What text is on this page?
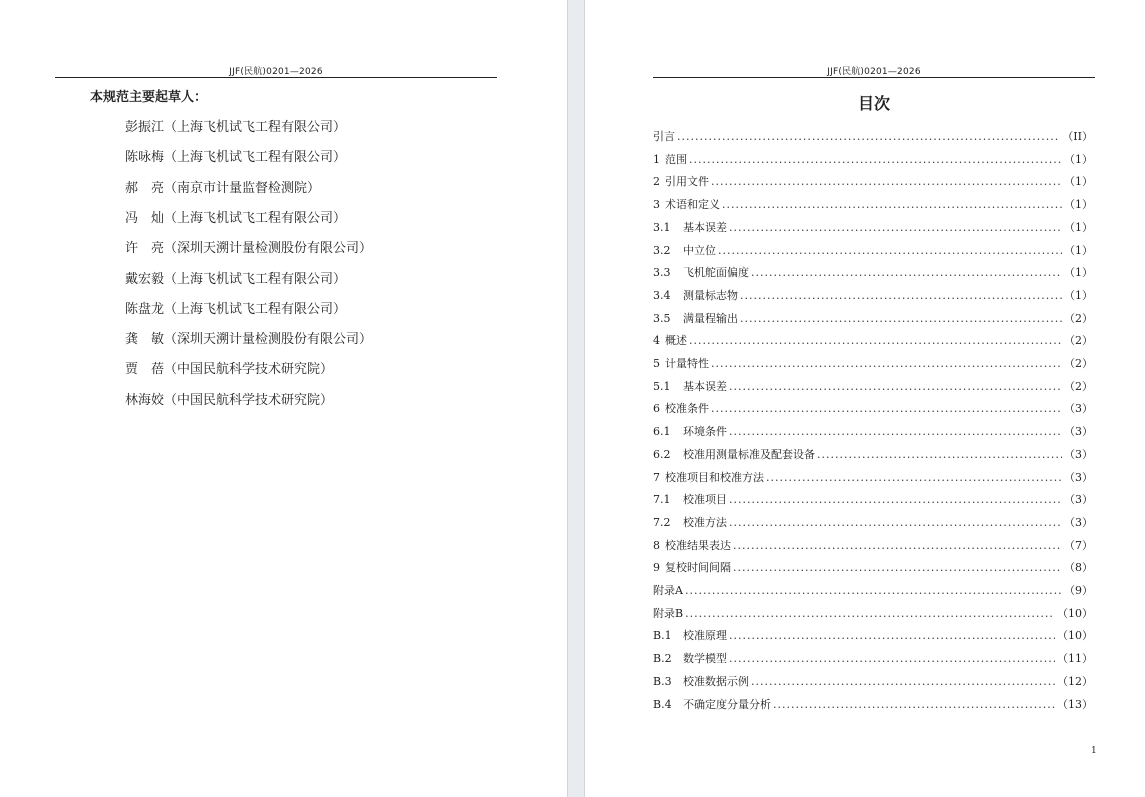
JJF(民航)0201—2026
本规范主要起草人：
彭振江（上海飞机试飞工程有限公司）
陈咏梅（上海飞机试飞工程有限公司）
郝　亮（南京市计量监督检测院）
冯　灿（上海飞机试飞工程有限公司）
许　亮（深圳天溯计量检测股份有限公司）
戴宏毅（上海飞机试飞工程有限公司）
陈盘龙（上海飞机试飞工程有限公司）
龚　敏（深圳天溯计量检测股份有限公司）
贾　蓓（中国民航科学技术研究院）
林海姣（中国民航科学技术研究院）
JJF(民航)0201—2026
目次
引言 .....	（II）
1 范围 .....	（1）
2 引用文件 .....	（1）
3 术语和定义 .....	（1）
3.1 基本误差 .....	（1）
3.2 中立位 .....	（1）
3.3 飞机舵面偏度 .....	（1）
3.4 测量标志物 .....	（1）
3.5 满量程输出 .....	（2）
4 概述 .....	（2）
5 计量特性 .....	（2）
5.1 基本误差 .....	（2）
6 校准条件 .....	（3）
6.1 环境条件 .....	（3）
6.2 校准用测量标准及配套设备 .....	（3）
7 校准项目和校准方法 .....	（3）
7.1 校准项目 .....	（3）
7.2 校准方法 .....	（3）
8 校准结果表达 .....	（7）
9 复校时间间隔 .....	（8）
附录A .....	（9）
附录B .....	（10）
B.1 校准原理 .....	（10）
B.2 数学模型 .....	（11）
B.3 校准数据示例 .....	（12）
B.4 不确定度分量分析 .....	（13）
1
